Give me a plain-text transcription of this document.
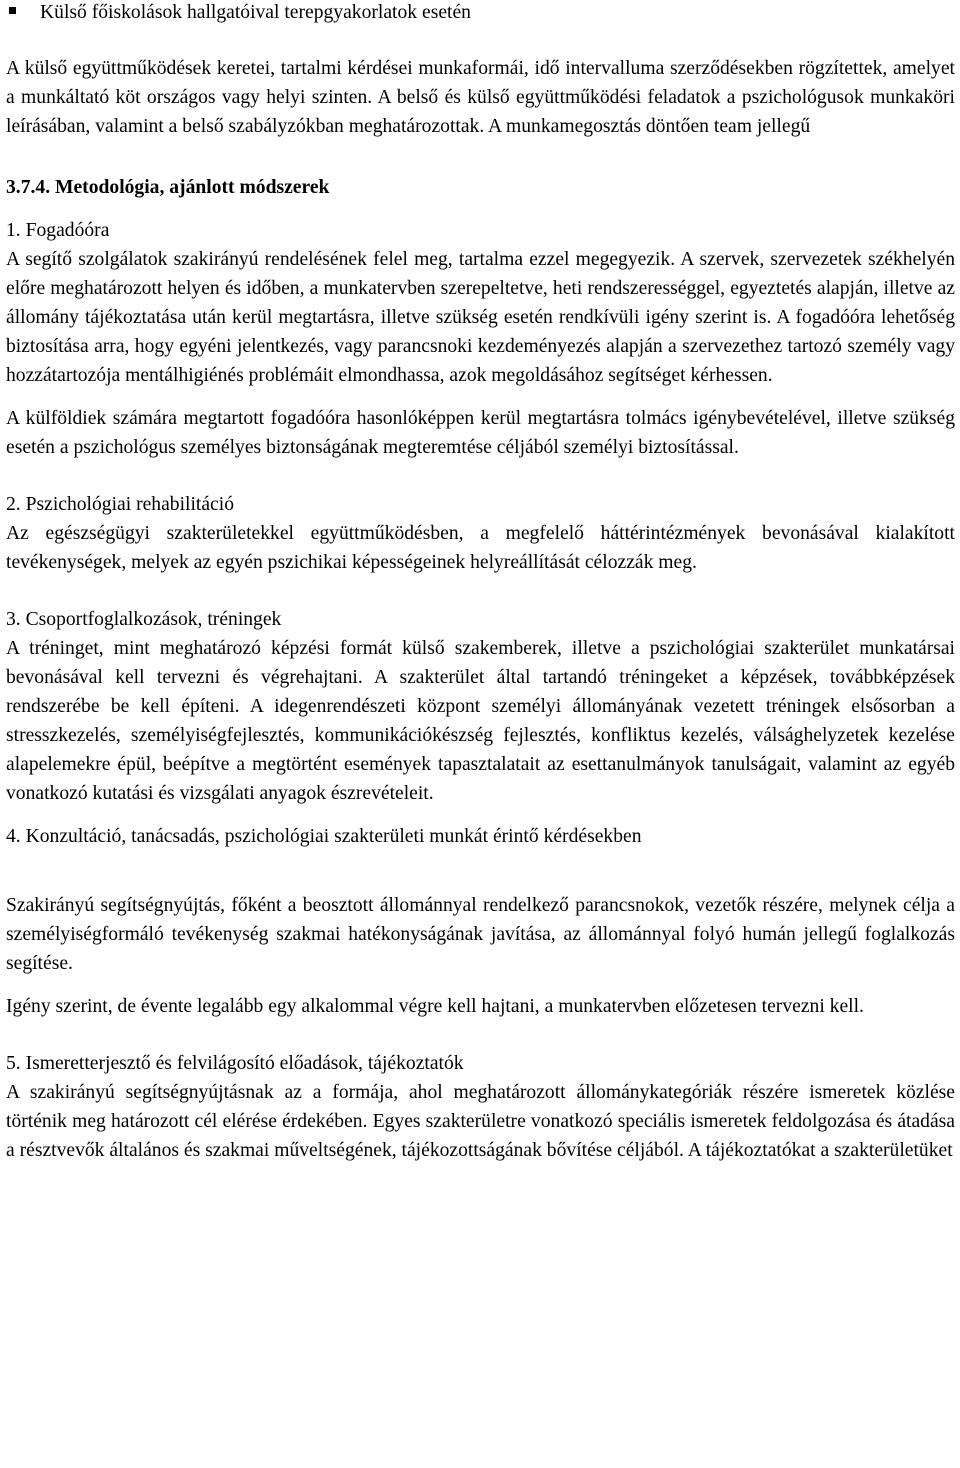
Külső főiskolások hallgatóival terepgyakorlatok esetén

A külső együttműködések keretei, tartalmi kérdései munkaformái, idő intervalluma szerződésekben rögzítettek, amelyet a munkáltató köt országos vagy helyi szinten. A belső és külső együttműködési feladatok a pszichológusok munkaköri leírásában, valamint a belső szabályzókban meghatározottak. A munkamegosztás döntően team jellegű

3.7.4. Metodológia, ajánlott módszerek

1. Fogadóóra

A segítő szolgálatok szakirányú rendelésének felel meg, tartalma ezzel megegyezik. A szervek, szervezetek székhelyén előre meghatározott helyen és időben, a munkatervben szerepeltetve, heti rendszerességgel, egyeztetés alapján, illetve az állomány tájékoztatása után kerül megtartásra, illetve szükség esetén rendkívüli igény szerint is. A fogadóóra lehetőség biztosítása arra, hogy egyéni jelentkezés, vagy parancsnoki kezdeményezés alapján a szervezethez tartozó személy vagy hozzátartozója mentálhigiénés problémáit elmondhassa, azok megoldásához segítséget kérhessen.

A külföldiek számára megtartott fogadóóra hasonlóképpen kerül megtartásra tolmács igénybevételével, illetve szükség esetén a pszichológus személyes biztonságának megteremtése céljából személyi biztosítással.

2. Pszichológiai rehabilitáció

Az egészségügyi szakterületekkel együttműködésben, a megfelelő háttérintézmények bevonásával kialakított tevékenységek, melyek az egyén pszichikai képességeinek helyreállítását célozzák meg.

3. Csoportfoglalkozások, tréningek

A tréninget, mint meghatározó képzési formát külső szakemberek, illetve a pszichológiai szakterület munkatársai bevonásával kell tervezni és végrehajtani. A szakterület által tartandó tréningeket a képzések, továbbképzések rendszerébe be kell építeni. A idegenrendészeti központ személyi állományának vezetett tréningek elsősorban a stresszkezelés, személyiségfejlesztés, kommunikációkészség fejlesztés, konfliktus kezelés, válsághelyzetek kezelése alapelemekre épül, beépítve a megtörtént események tapasztalatait az esettanulmányok tanulságait, valamint az egyéb vonatkozó kutatási és vizsgálati anyagok észrevételeit.

4. Konzultáció, tanácsadás, pszichológiai szakterületi munkát érintő kérdésekben

Szakirányú segítségnyújtás, főként a beosztott állománnyal rendelkező parancsnokok, vezetők részére, melynek célja a személyiségformáló tevékenység szakmai hatékonyságának javítása, az állománnyal folyó humán jellegű foglalkozás segítése.

Igény szerint, de évente legalább egy alkalommal végre kell hajtani, a munkatervben előzetesen tervezni kell.

5. Ismeretterjesztő és felvilágosító előadások, tájékoztatók

A szakirányú segítségnyújtásnak az a formája, ahol meghatározott állománykategóriák részére ismeretek közlése történik meg határozott cél elérése érdekében. Egyes szakterületre vonatkozó speciális ismeretek feldolgozása és átadása a résztvevők általános és szakmai műveltségének, tájékozottságának bővítése céljából. A tájékoztatókat a szakterületüket
